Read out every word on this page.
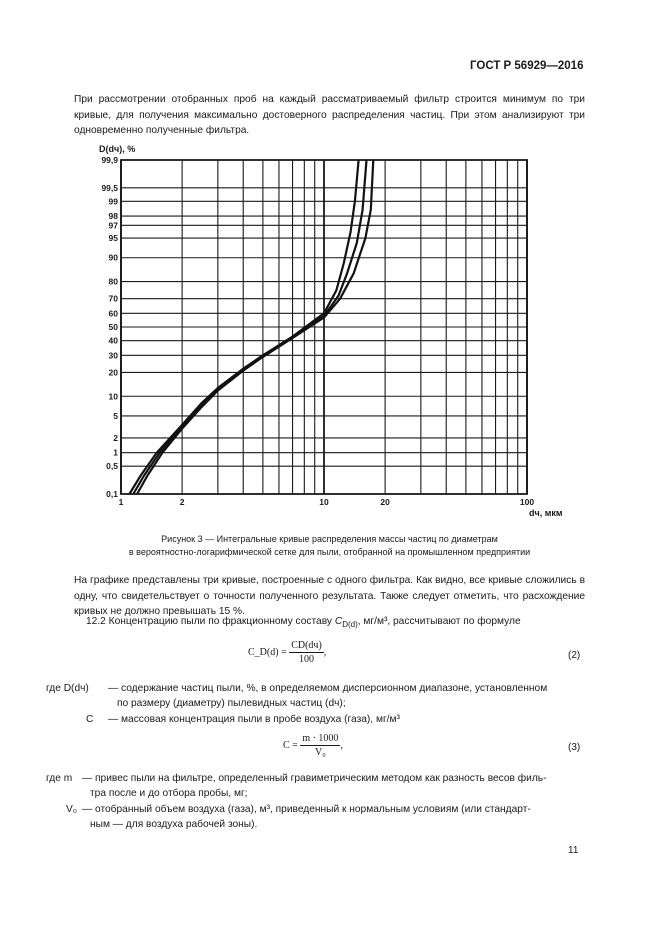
ГОСТ Р 56929—2016
При рассмотрении отобранных проб на каждый рассматриваемый фильтр строится минимум по три кривые, для получения максимально достоверного распределения частиц. При этом анализируют три одновременно полученные фильтра.
99,9
99,5
99
98
97
95
90
80
70
60
50
40
30
20
10
5
2
1
0,5
0,1
1	2	10	20	100
D(dч), %
dч, мкм
Рисунок 3 — Интегральные кривые распределения массы частиц по диаметрам
в вероятностно-логарифмической сетке для пыли, отобранной на промышленном предприятии
На графике представлены три кривые, построенные с одного фильтра. Как видно, все кривые сложились в одну, что свидетельствует о точности полученного результата. Также следует отметить, что расхождение кривых не должно превышать 15 %.
12.2 Концентрацию пыли по фракционному составу $C_{D(d)}$, мг/м³, рассчитывают по формуле
C_D(d) = $\frac{CD(dч)}{100}$ ,	(2)
где D(dч) — содержание частиц пыли, %, в определяемом дисперсионном диапазоне, установленном
по размеру (диаметру) пылевидных частиц (dч);
C — массовая концентрация пыли в пробе воздуха (газа), мг/м³
$C = \frac{m \cdot 1000}{\text{V₀}}$ ,	(3)
где m — привес пыли на фильтре, определенный гравиметрическим методом как разность весов филь-
тра после и до отбора пробы, мг;
V₀ — отобранный объем воздуха (газа), м³, приведенный к нормальным условиям (или стандарт-
ным — для воздуха рабочей зоны).
11
